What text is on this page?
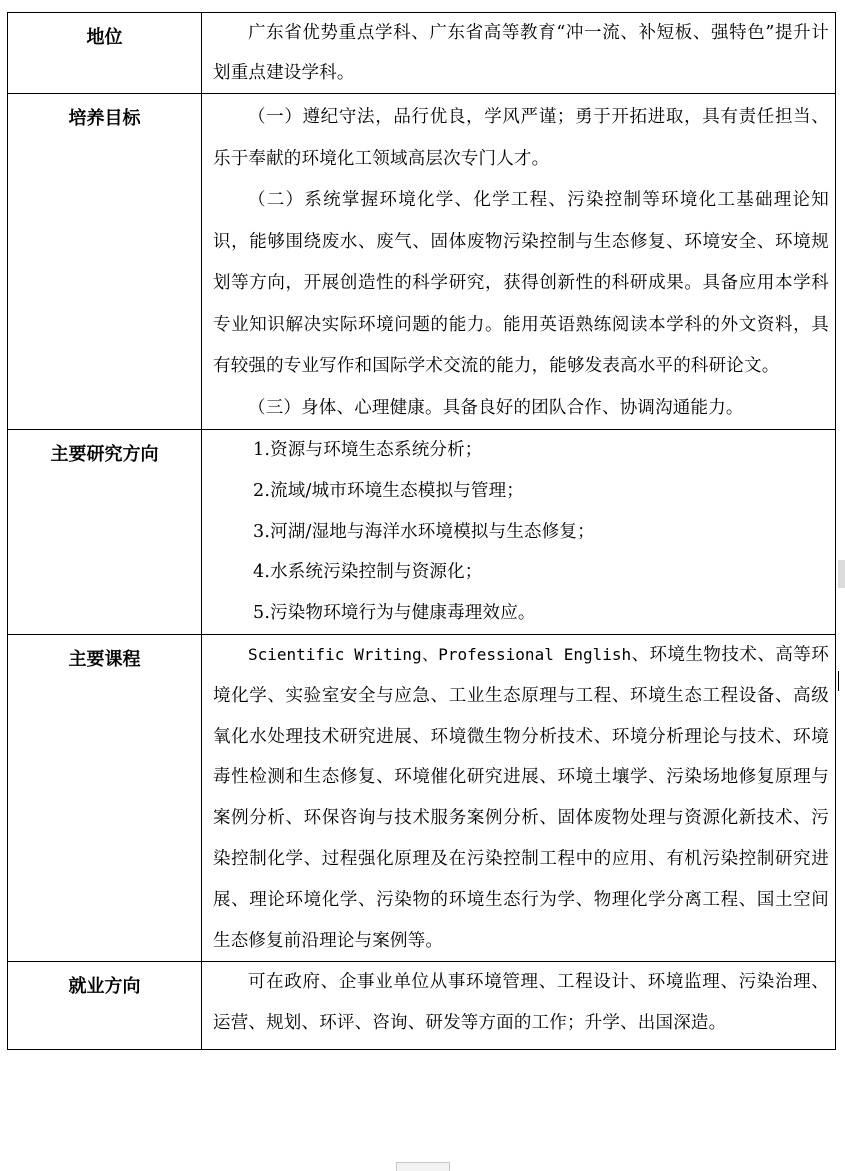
地位	广东省优势重点学科、广东省高等教育“冲一流、补短板、强特色”提升计划重点建设学科。

培养目标	（一）遵纪守法，品行优良，学风严谨；勇于开拓进取，具有责任担当、乐于奉献的环境化工领域高层次专门人才。
（二）系统掌握环境化学、化学工程、污染控制等环境化工基础理论知识，能够围绕废水、废气、固体废物污染控制与生态修复、环境安全、环境规划等方向，开展创造性的科学研究，获得创新性的科研成果。具备应用本学科专业知识解决实际环境问题的能力。能用英语熟练阅读本学科的外文资料，具有较强的专业写作和国际学术交流的能力，能够发表高水平的科研论文。
（三）身体、心理健康。具备良好的团队合作、协调沟通能力。

主要研究方向	1.资源与环境生态系统分析；
2.流域/城市环境生态模拟与管理；
3.河湖/湿地与海洋水环境模拟与生态修复；
4.水系统污染控制与资源化；
5.污染物环境行为与健康毒理效应。

主要课程	Scientific Writing、Professional English、环境生物技术、高等环境化学、实验室安全与应急、工业生态原理与工程、环境生态工程设备、高级氧化水处理技术研究进展、环境微生物分析技术、环境分析理论与技术、环境毒性检测和生态修复、环境催化研究进展、环境土壤学、污染场地修复原理与案例分析、环保咨询与技术服务案例分析、固体废物处理与资源化新技术、污染控制化学、过程强化原理及在污染控制工程中的应用、有机污染控制研究进展、理论环境化学、污染物的环境生态行为学、物理化学分离工程、国土空间生态修复前沿理论与案例等。

就业方向	可在政府、企事业单位从事环境管理、工程设计、环境监理、污染治理、运营、规划、环评、咨询、研发等方面的工作；升学、出国深造。
